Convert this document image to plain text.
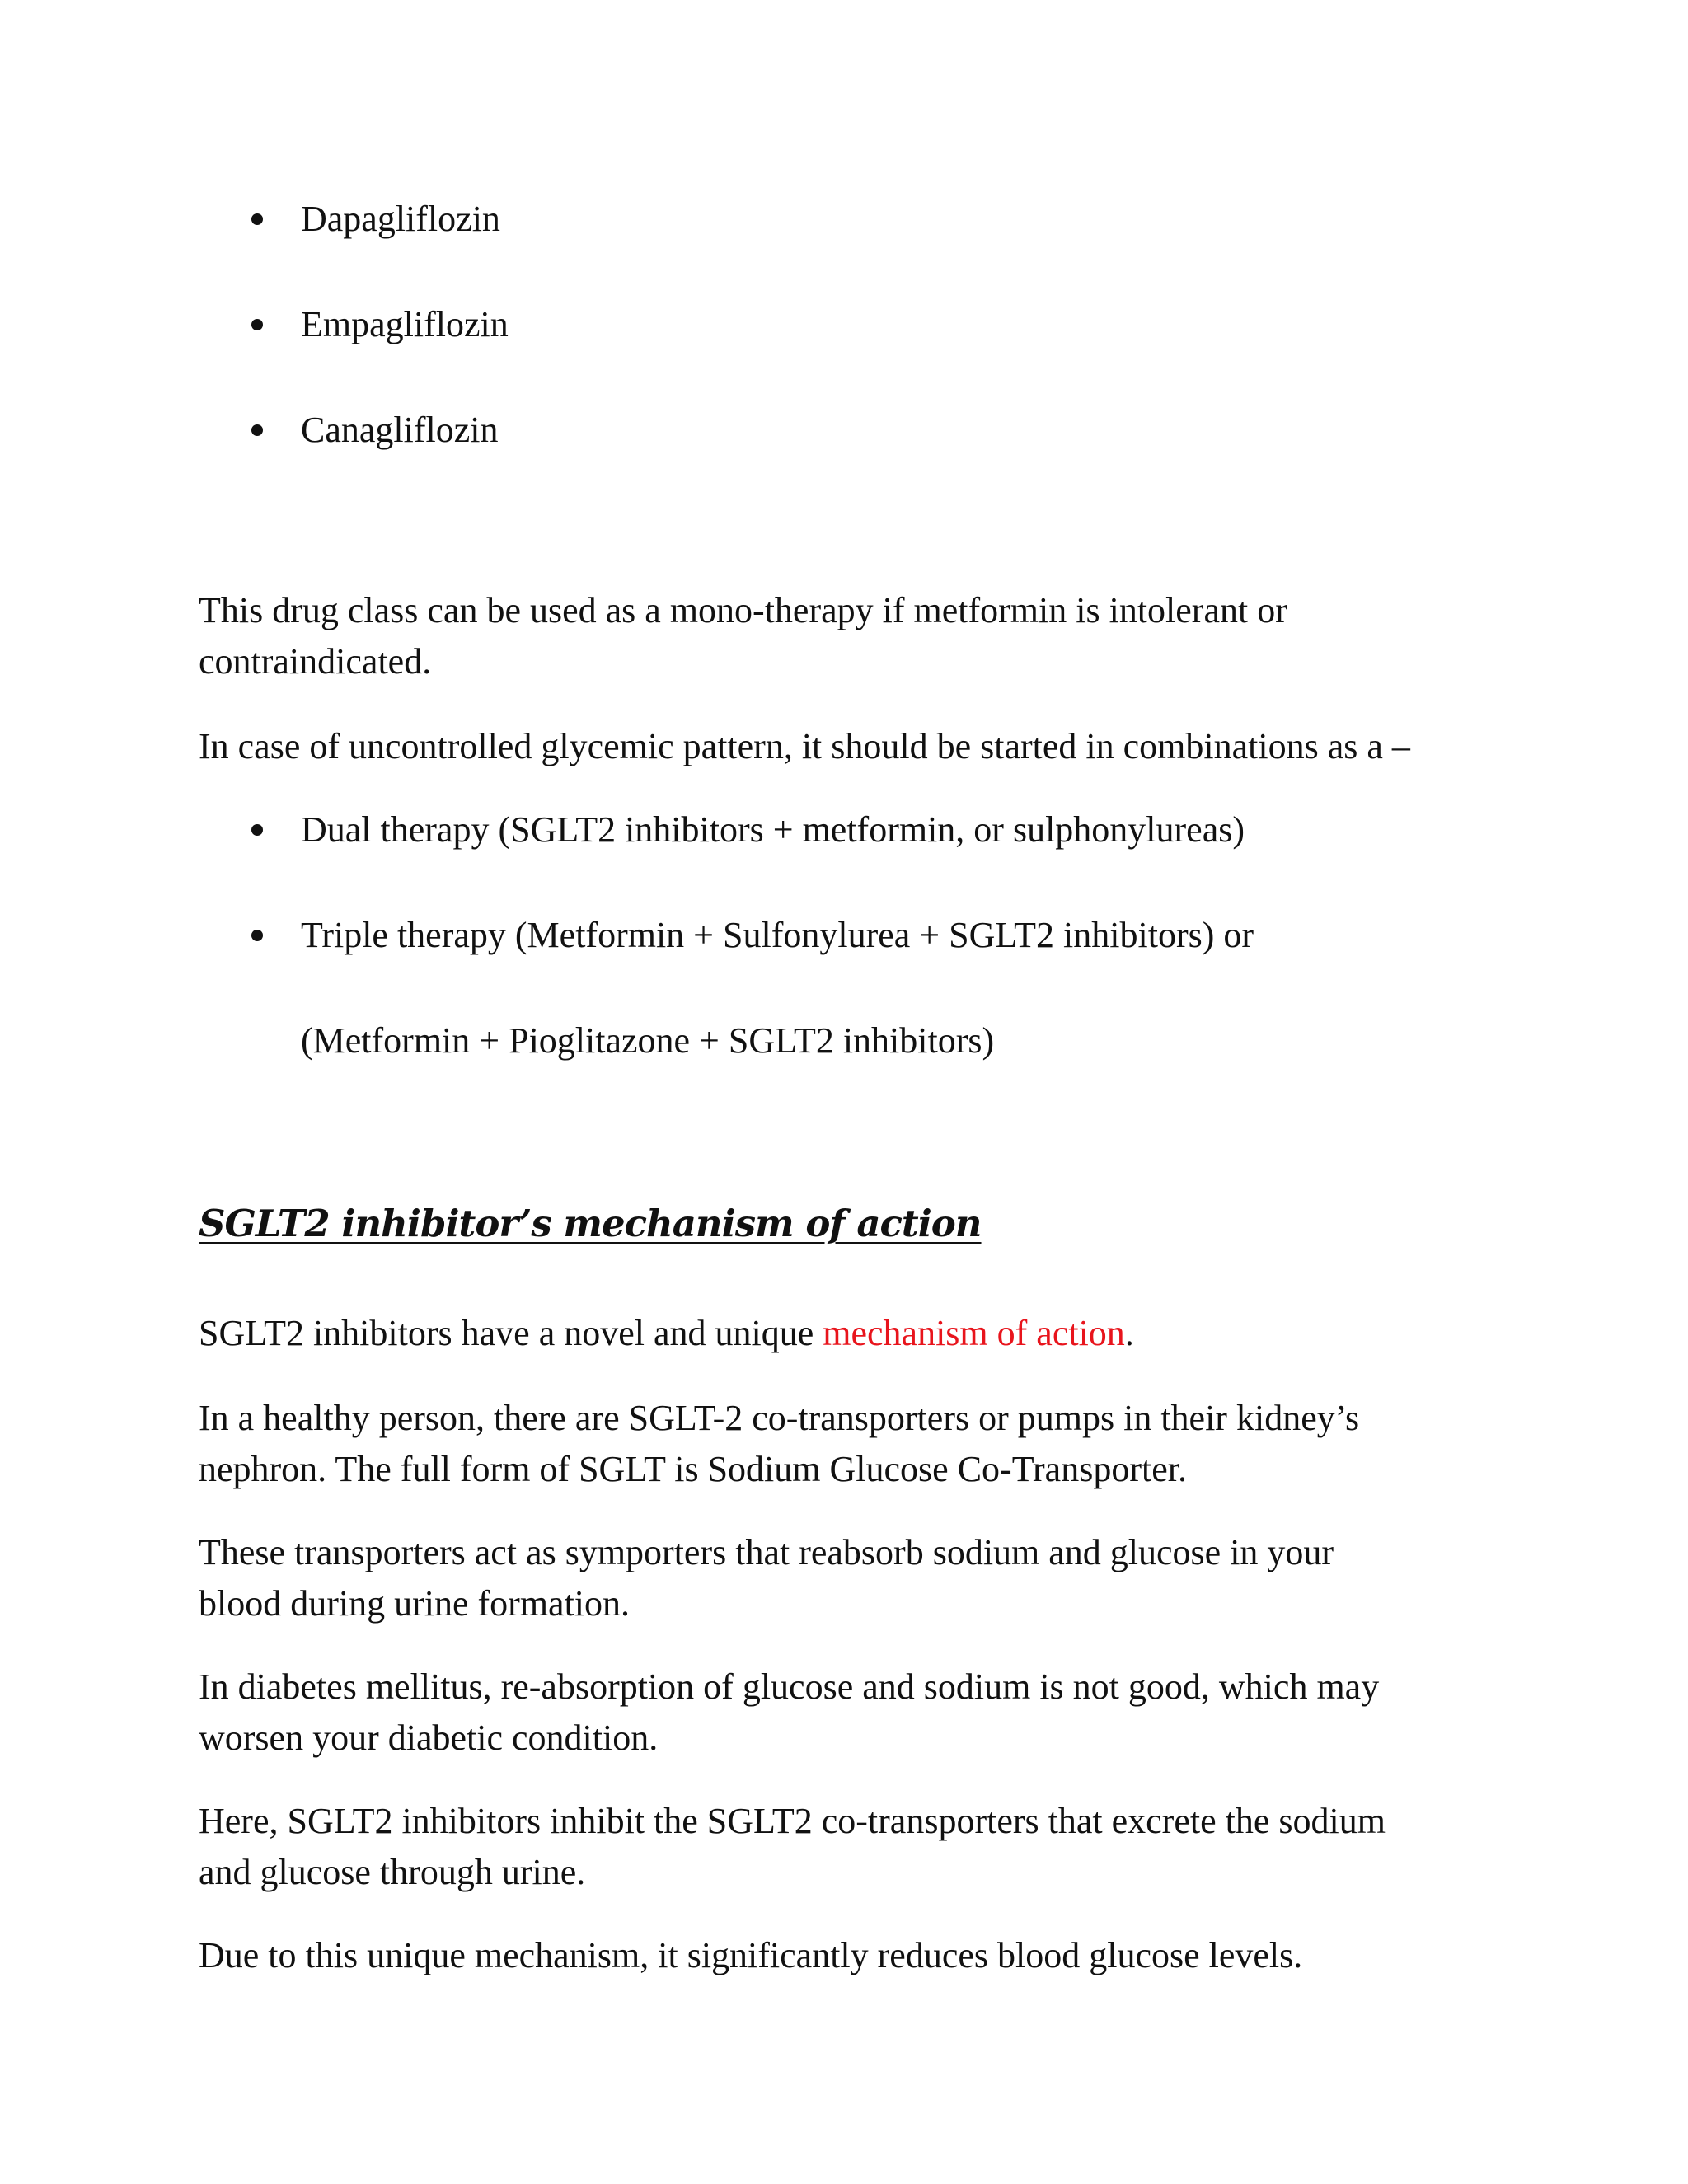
Dapagliflozin
Empagliflozin
Canagliflozin

This drug class can be used as a mono-therapy if metformin is intolerant or

contraindicated.

In case of uncontrolled glycemic pattern, it should be started in combinations as a –

Dual therapy (SGLT2 inhibitors + metformin, or sulphonylureas)
Triple therapy (Metformin + Sulfonylurea + SGLT2 inhibitors) or
(Metformin + Pioglitazone + SGLT2 inhibitors)
SGLT2 inhibitor’s mechanism of action

SGLT2 inhibitors have a novel and unique mechanism of action.

In a healthy person, there are SGLT-2 co-transporters or pumps in their kidney’s

nephron. The full form of SGLT is Sodium Glucose Co-Transporter.

These transporters act as symporters that reabsorb sodium and glucose in your

blood during urine formation.

In diabetes mellitus, re-absorption of glucose and sodium is not good, which may

worsen your diabetic condition.

Here, SGLT2 inhibitors inhibit the SGLT2 co-transporters that excrete the sodium

and glucose through urine.

Due to this unique mechanism, it significantly reduces blood glucose levels.
